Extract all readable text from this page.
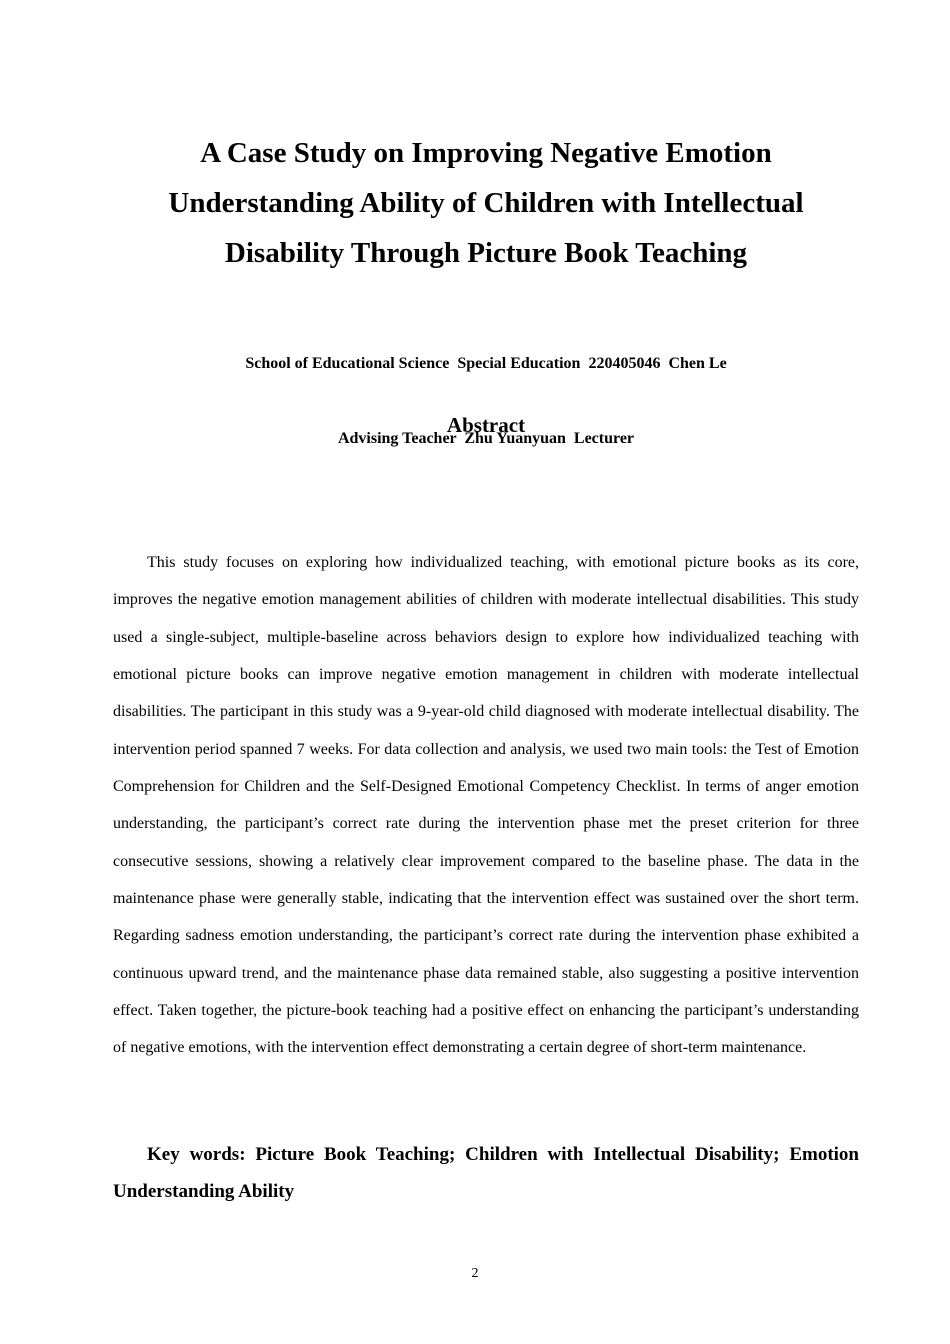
A Case Study on Improving Negative Emotion
Understanding Ability of Children with Intellectual
Disability Through Picture Book Teaching

School of Educational Science  Special Education  220405046  Chen Le

Advising Teacher  Zhu Yuanyuan  Lecturer

Abstract

This study focuses on exploring how individualized teaching, with emotional picture books as its core, improves the negative emotion management abilities of children with moderate intellectual disabilities. This study used a single-subject, multiple-baseline across behaviors design to explore how individualized teaching with emotional picture books can improve negative emotion management in children with moderate intellectual disabilities. The participant in this study was a 9-year-old child diagnosed with moderate intellectual disability. The intervention period spanned 7 weeks. For data collection and analysis, we used two main tools: the Test of Emotion Comprehension for Children and the Self-Designed Emotional Competency Checklist. In terms of anger emotion understanding, the participant’s correct rate during the intervention phase met the preset criterion for three consecutive sessions, showing a relatively clear improvement compared to the baseline phase. The data in the maintenance phase were generally stable, indicating that the intervention effect was sustained over the short term. Regarding sadness emotion understanding, the participant’s correct rate during the intervention phase exhibited a continuous upward trend, and the maintenance phase data remained stable, also suggesting a positive intervention effect. Taken together, the picture-book teaching had a positive effect on enhancing the participant’s understanding of negative emotions, with the intervention effect demonstrating a certain degree of short-term maintenance.

Key words: Picture Book Teaching; Children with Intellectual Disability; Emotion Understanding Ability

2
